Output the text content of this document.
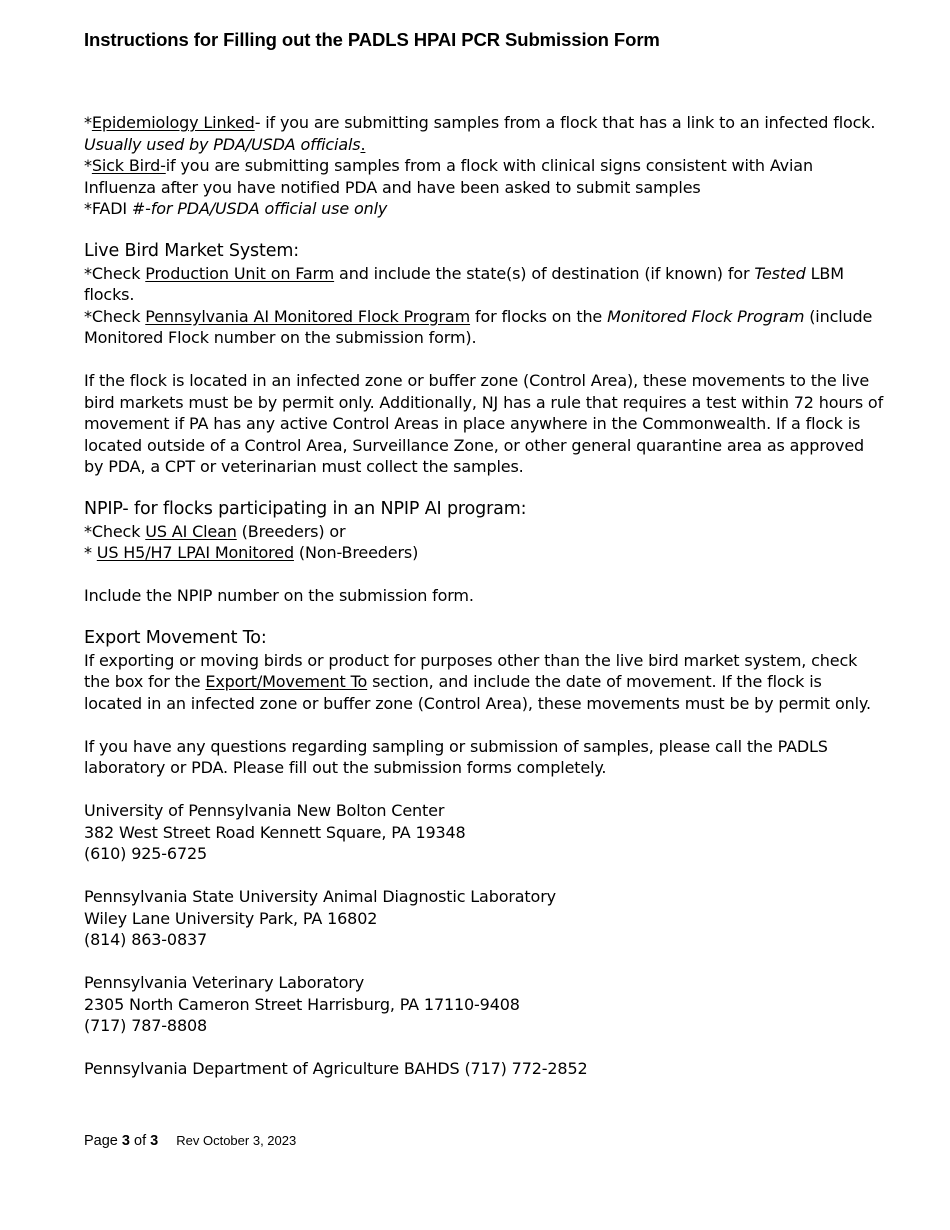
Instructions for Filling out the PADLS HPAI PCR Submission Form

*Epidemiology Linked- if you are submitting samples from a flock that has a link to an infected flock.  Usually used by PDA/USDA officials.

*Sick Bird-if you are submitting samples from a flock with clinical signs consistent with Avian Influenza after you have notified PDA and have been asked to submit samples

*FADI #-for PDA/USDA official use only

Live Bird Market System:

*Check Production Unit on Farm and include the state(s) of destination (if known) for Tested LBM flocks.

*Check Pennsylvania AI Monitored Flock Program for flocks on the Monitored Flock Program (include Monitored Flock number on the submission form).

If the flock is located in an infected zone or buffer zone (Control Area), these movements to the live bird markets must be by permit only. Additionally, NJ has a rule that requires a test within 72 hours of movement if PA has any active Control Areas in place anywhere in the Commonwealth. If a flock is located outside of a Control Area, Surveillance Zone, or other general quarantine area as approved by PDA, a CPT or veterinarian must collect the samples.

NPIP- for flocks participating in an NPIP AI program:

*Check US AI Clean (Breeders) or

* US H5/H7 LPAI Monitored (Non-Breeders)

Include the NPIP number on the submission form.

Export Movement To:

If exporting or moving birds or product for purposes other than the live bird market system, check the box for the Export/Movement To section, and include the date of movement. If the flock is located in an infected zone or buffer zone (Control Area), these movements must be by permit only.

If you have any questions regarding sampling or submission of samples, please call the PADLS laboratory or PDA. Please fill out the submission forms completely.

University of Pennsylvania New Bolton Center

382 West Street Road Kennett Square, PA 19348

(610) 925-6725

Pennsylvania State University Animal Diagnostic Laboratory

Wiley Lane University Park, PA 16802

(814) 863-0837

Pennsylvania Veterinary Laboratory

2305 North Cameron Street Harrisburg, PA 17110-9408

(717) 787-8808

Pennsylvania Department of Agriculture BAHDS (717) 772-2852

Page 3 of 3 Rev October 3, 2023
